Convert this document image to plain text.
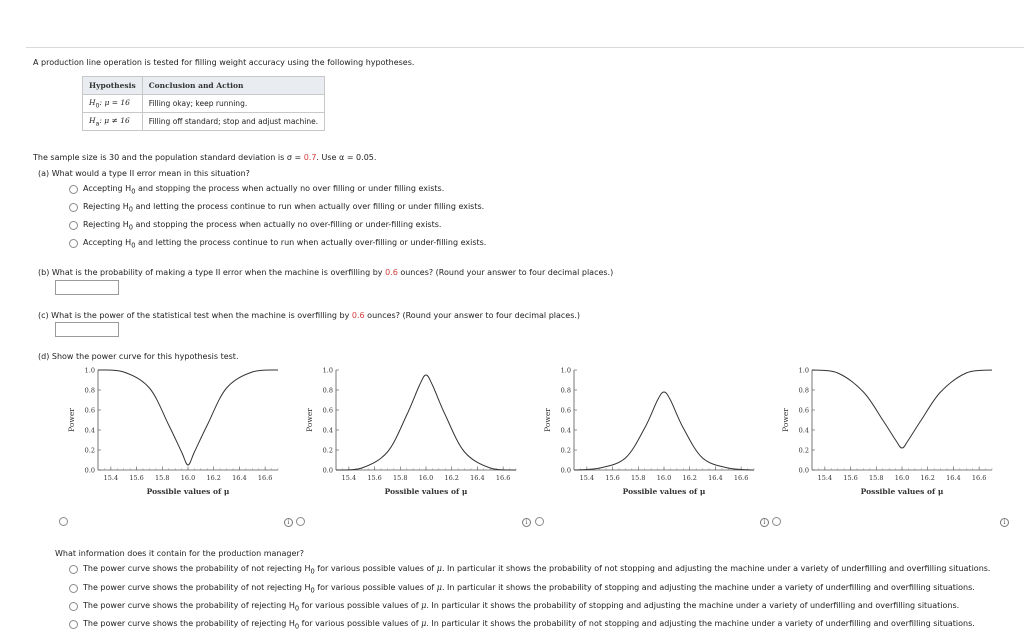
A production line operation is tested for filling weight accuracy using the following hypotheses.
Hypothesis	Conclusion and Action
$H_0$: μ = 16	Filling okay; keep running.
$H_a$: μ ≠ 16	Filling off standard; stop and adjust machine.
The sample size is 30 and the population standard deviation is σ = 0.7. Use α = 0.05.
(a) What would a type II error mean in this situation?
Accepting $H_0$ and stopping the process when actually no over filling or under filling exists.
Rejecting $H_0$ and letting the process continue to run when actually over filling or under filling exists.
Rejecting $H_0$ and stopping the process when actually no over-filling or under-filling exists.
Accepting $H_0$ and letting the process continue to run when actually over-filling or under-filling exists.
(b) What is the probability of making a type II error when the machine is overfilling by 0.6 ounces? (Round your answer to four decimal places.)
(c) What is the power of the statistical test when the machine is overfilling by 0.6 ounces? (Round your answer to four decimal places.)
(d) Show the power curve for this hypothesis test.
0.0
0.2
0.4
0.6
0.8
1.0
15.4 15.6 15.8 16.0 16.2 16.4 16.6
Power
Possible values of μ
0.0
0.2
0.4
0.6
0.8
1.0
15.4 15.6 15.8 16.0 16.2 16.4 16.6
Power
Possible values of μ
0.0
0.2
0.4
0.6
0.8
1.0
15.4 15.6 15.8 16.0 16.2 16.4 16.6
Power
Possible values of μ
0.0
0.2
0.4
0.6
0.8
1.0
15.4 15.6 15.8 16.0 16.2 16.4 16.6
Power
Possible values of μ
i	i	i	i
What information does it contain for the production manager?
The power curve shows the probability of not rejecting $H_0$ for various possible values of μ. In particular it shows the probability of not stopping and adjusting the machine under a variety of underfilling and overfilling situations.
The power curve shows the probability of not rejecting $H_0$ for various possible values of μ. In particular it shows the probability of stopping and adjusting the machine under a variety of underfilling and overfilling situations.
The power curve shows the probability of rejecting $H_0$ for various possible values of μ. In particular it shows the probability of stopping and adjusting the machine under a variety of underfilling and overfilling situations.
The power curve shows the probability of rejecting $H_0$ for various possible values of μ. In particular it shows the probability of not stopping and adjusting the machine under a variety of underfilling and overfilling situations.
